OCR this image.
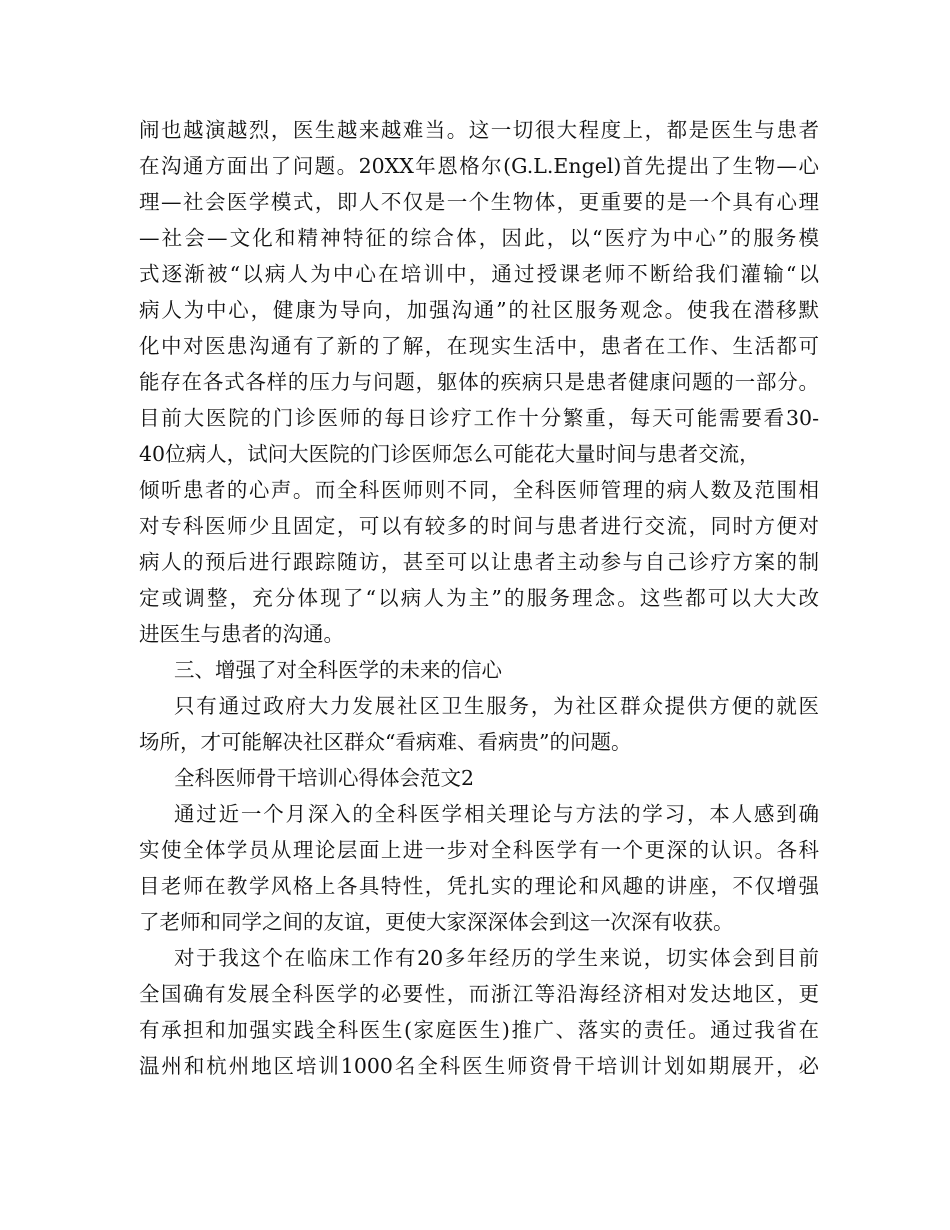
闹也越演越烈，医生越来越难当。这一切很大程度上，都是医生与患者
在沟通方面出了问题。20XX年恩格尔(G.L.Engel)首先提出了生物—心
理—社会医学模式，即人不仅是一个生物体，更重要的是一个具有心理
—社会—文化和精神特征的综合体，因此，以“医疗为中心”的服务模
式逐渐被“以病人为中心在培训中，通过授课老师不断给我们灌输“以
病人为中心，健康为导向，加强沟通”的社区服务观念。使我在潜移默
化中对医患沟通有了新的了解，在现实生活中，患者在工作、生活都可
能存在各式各样的压力与问题，躯体的疾病只是患者健康问题的一部分。
目前大医院的门诊医师的每日诊疗工作十分繁重，每天可能需要看30-
40位病人，试问大医院的门诊医师怎么可能花大量时间与患者交流，
倾听患者的心声。而全科医师则不同，全科医师管理的病人数及范围相
对专科医师少且固定，可以有较多的时间与患者进行交流，同时方便对
病人的预后进行跟踪随访，甚至可以让患者主动参与自己诊疗方案的制
定或调整，充分体现了“以病人为主”的服务理念。这些都可以大大改
进医生与患者的沟通。
三、增强了对全科医学的未来的信心
只有通过政府大力发展社区卫生服务，为社区群众提供方便的就医
场所，才可能解决社区群众“看病难、看病贵”的问题。
全科医师骨干培训心得体会范文2
通过近一个月深入的全科医学相关理论与方法的学习，本人感到确
实使全体学员从理论层面上进一步对全科医学有一个更深的认识。各科
目老师在教学风格上各具特性，凭扎实的理论和风趣的讲座，不仅增强
了老师和同学之间的友谊，更使大家深深体会到这一次深有收获。
对于我这个在临床工作有20多年经历的学生来说，切实体会到目前
全国确有发展全科医学的必要性，而浙江等沿海经济相对发达地区，更
有承担和加强实践全科医生(家庭医生)推广、落实的责任。通过我省在
温州和杭州地区培训1000名全科医生师资骨干培训计划如期展开，必
